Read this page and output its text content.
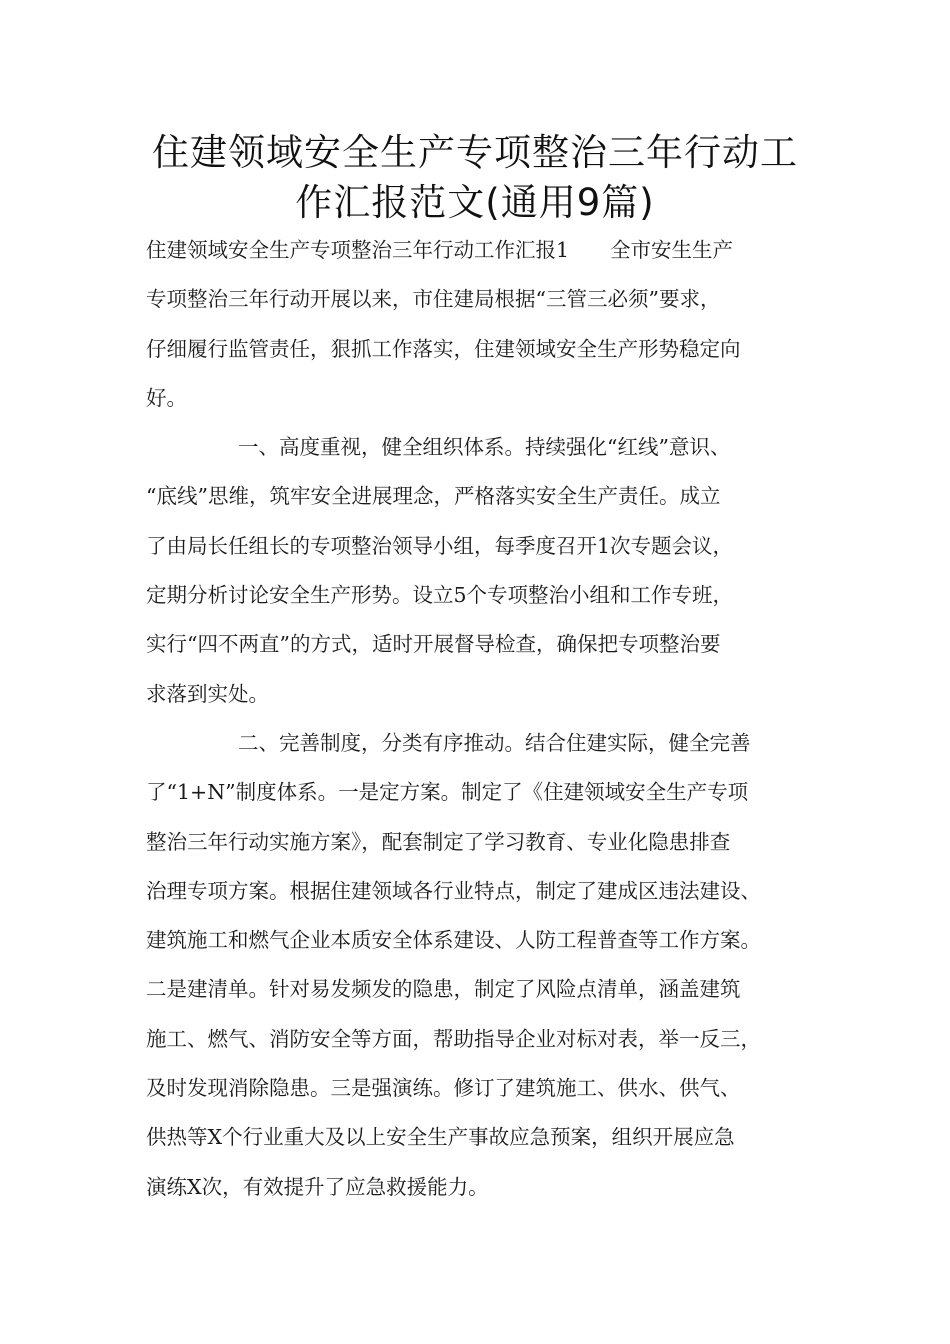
住建领域安全生产专项整治三年行动工
作汇报范文(通用9篇)

住建领域安全生产专项整治三年行动工作汇报1　　全市安生生产
专项整治三年行动开展以来，市住建局根据“三管三必须”要求，
仔细履行监管责任，狠抓工作落实，住建领域安全生产形势稳定向
好。

一、高度重视，健全组织体系。持续强化“红线”意识、
“底线”思维，筑牢安全进展理念，严格落实安全生产责任。成立
了由局长任组长的专项整治领导小组，每季度召开1次专题会议，
定期分析讨论安全生产形势。设立5个专项整治小组和工作专班，
实行“四不两直”的方式，适时开展督导检查，确保把专项整治要
求落到实处。

二、完善制度，分类有序推动。结合住建实际，健全完善
了“1+N”制度体系。一是定方案。制定了《住建领域安全生产专项
整治三年行动实施方案》，配套制定了学习教育、专业化隐患排查
治理专项方案。根据住建领域各行业特点，制定了建成区违法建设、
建筑施工和燃气企业本质安全体系建设、人防工程普查等工作方案。
二是建清单。针对易发频发的隐患，制定了风险点清单，涵盖建筑
施工、燃气、消防安全等方面，帮助指导企业对标对表，举一反三，
及时发现消除隐患。三是强演练。修订了建筑施工、供水、供气、
供热等X个行业重大及以上安全生产事故应急预案，组织开展应急
演练X次，有效提升了应急救援能力。
